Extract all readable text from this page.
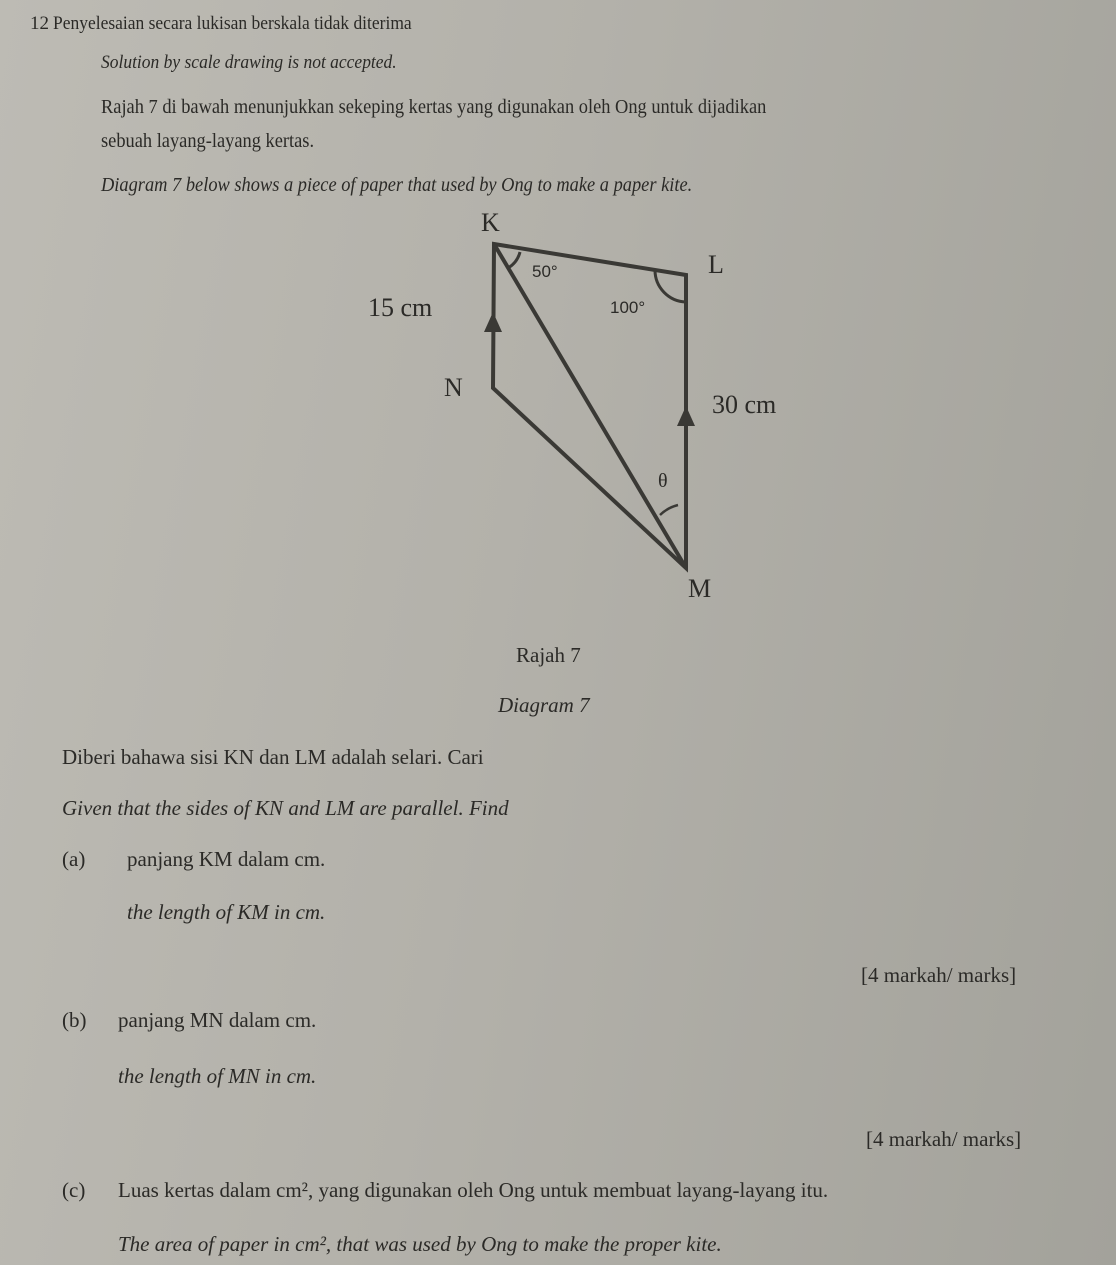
12 Penyelesaian secara lukisan berskala tidak diterima
Solution by scale drawing is not accepted.
Rajah 7 di bawah menunjukkan sekeping kertas yang digunakan oleh Ong untuk dijadikan
sebuah layang-layang kertas.
Diagram 7 below shows a piece of paper that used by Ong to make a paper kite.
K
L
N
M
50°
100°
θ
15 cm
30 cm
Rajah 7
Diagram 7
Diberi bahawa sisi KN dan LM adalah selari. Cari
Given that the sides of KN and LM are parallel. Find
(a) panjang KM dalam cm.
the length of KM in cm.
[4 markah/ marks]
(b) panjang MN dalam cm.
the length of MN in cm.
[4 markah/ marks]
(c) Luas kertas dalam cm², yang digunakan oleh Ong untuk membuat layang-layang itu.
The area of paper in cm², that was used by Ong to make the proper kite.
